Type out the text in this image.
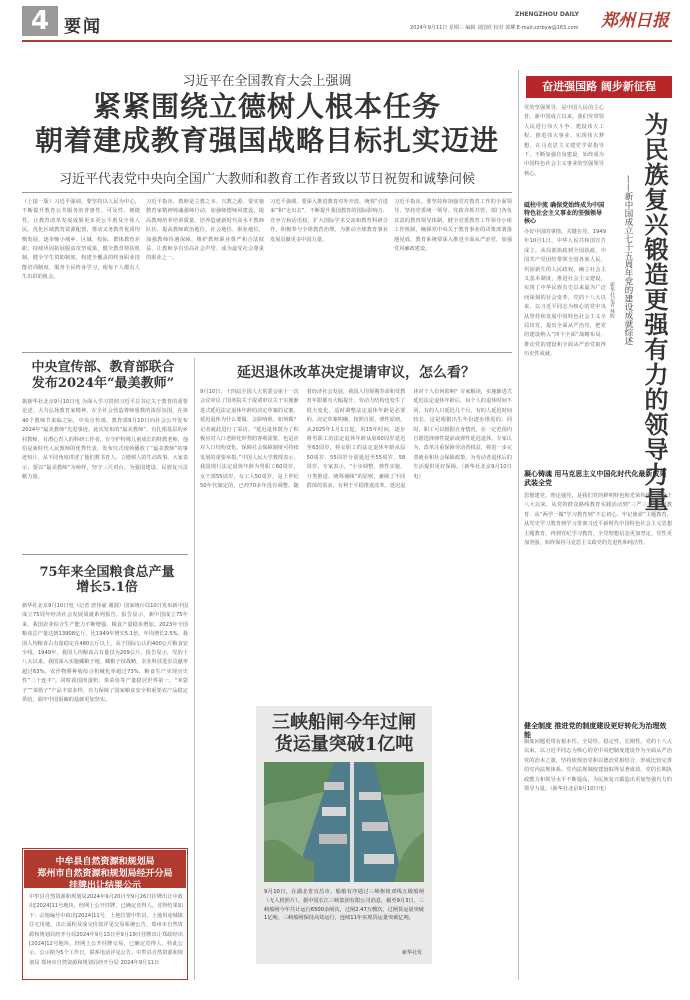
4 要闻
ZHENGZHOU DAILY
2024年9月11日 星期三 编辑 刘国欣 校对 郭柳 E-mail:zzrbyw@163.com 郑州日报
习近平在全国教育大会上强调
紧紧围绕立德树人根本任务
朝着建成教育强国战略目标扎实迈进
习近平代表党中央向全国广大教师和教育工作者致以节日祝贺和诚挚问候
（上接一版）习近平强调，要坚持以人民为中心，不断提升教育公共服务的普惠性、可及性、便捷性，让教育改革发展成果更多更公平惠及全体人民。优化区域教育资源配置，推动义务教育优质均衡发展，逐步缩小城乡、区域、校际、群体教育差距。持续巩固拓展脱贫攻坚成果，健全教育帮扶机制。健全学生资助制度，构建全覆盖的终身职业技能培训制度，服务全民终身学习，使每个人都有人生出彩的机会。
习近平指出，教师是立教之本、兴教之源。要实施教育家精神铸魂强师行动，加强师德师风建设，提高教师培养培训质量，培养造就新时代高水平教师队伍。提高教师政治地位、社会地位、职业地位，加强教师待遇保障，维护教师职业尊严和合法权益，让教师享有崇高社会声望、成为最受社会尊重的职业之一。
习近平强调，要深入推进教育对外开放，统筹“引进来”和“走出去”，不断提升我国教育的国际影响力、竞争力和话语权，扩大国际学术交流和教育科研合作，积极参与全球教育治理，为推动全球教育事业发展贡献更多中国力量。
习近平指出，要坚持和加强党对教育工作的全面领导，坚持党委统一领导、党政齐抓共管、部门各负其责的教育领导体制，健全党委教育工作领导小组工作机制，确保党中央关于教育事业的决策部署落地见效。教育系统要深入推进全面从严治党，加强党风廉政建设。
中央宣传部、教育部联合
发布2024年“最美教师”
据新华社北京9月10日电 为深入学习贯彻习近平总书记关于教育的重要论述，大力弘扬教育家精神，在全社会营造尊师重教的浓厚氛围，在第40个教师节来临之际，中央宣传部、教育部9月10日向社会公开发布2024年“最美教师”先进事迹。此次发布的“最美教师”，有扎根基层的乡村教师，有潜心育人的科研工作者，有守护特殊儿童成长的特教老师，他们是新时代人民教师的优秀代表。发布仪式现场播放了“最美教师”的事迹短片，从不同角度讲述了他们教书育人、立德树人的生动故事。大家表示，要以“最美教师”为榜样，坚守三尺讲台，为强国建设、民族复兴贡献力量。
75年来全国粮食总产量
增长5.1倍
新华社北京9月10日电（记者 唐伟豪 谢圆）国家统计局10日发布新中国成立75周年经济社会发展成就系列报告。报告显示，新中国成立75年来，我国农业综合生产能力不断增强，粮食产量稳步增加。2023年全国粮食总产量达到13908亿斤，比1949年增长5.1倍，年均增长2.5%。我国人均粮食占有量稳定在480公斤以上，高于国际公认的400公斤粮食安全线。1949年，我国人均粮食占有量仅为209公斤。报告显示，党的十八大以来，我国深入实施藏粮于地、藏粮于技战略，农业科技进步贡献率超过63%，农作物耕种收综合机械化率超过73%，粮食生产实现历史性“二十连丰”。同时我国肉蛋奶、果菜鱼等产量稳居世界第一，“米袋子”“菜篮子”产品丰富多样，有力保障了国家粮食安全和重要农产品稳定供给，端牢中国饭碗的基础更加坚实。
中牟县自然资源和规划局
郑州市自然资源和规划局经开分局
挂牌出让结果公示
中牟县自然资源和规划局2024年9月20日至9月26日挂牌出让中政出[2024]11号地块，经网上公开挂牌，已确定竞得人。竞得结果如下：宗地编号中政出[2024]11号，土地位置中牟县，土地用途城镇住宅用地，出让面积及成交价款详见交易系统公告。郑州市自然资源和规划局经开分局2024年9月13日至9月19日挂牌出让郑政经出[2024]12号地块，经网上公开挂牌交易，已确定竞得人。特此公示。公示期为5个工作日，联系电话详见公告。中牟县自然资源和规划局 郑州市自然资源和规划局经开分局 2024年9月11日
延迟退休改革决定提请审议，怎么看？
9月10日，十四届全国人大常委会第十一次会议审议了国务院关于提请审议关于实施渐进式延迟法定退休年龄的决定草案的议案。延迟退休为什么要做、会影响谁、如何做？记者就此进行了采访。“延迟退休既为了积极应对人口老龄化形势的客观需要，也是应对人口结构变化、保障社会保障制度可持续发展的重要举措。”中国人民大学教授表示。我国现行法定退休年龄为男职工60周岁，女干部55周岁，女工人50周岁，是上世纪50年代制定的，已经70多年没有调整。随着经济社会发展，我国人均预期寿命和受教育年限都有大幅提升，劳动力结构也发生了很大变化，适时调整法定退休年龄是必要的。决定草案明确，按照自愿、弹性原则，从2025年1月1日起，用15年时间，逐步将男职工的法定退休年龄从原60周岁延迟至63周岁，将女职工的法定退休年龄从原50周岁、55周岁分别延迟至55周岁、58周岁。专家表示，“小步调整、弹性实施、分类推进、统筹兼顾”的原则，兼顾了不同群体的需求，有利于平稳推进改革。延迟退休对个人有何影响？专家解读，实施渐进式延迟法定退休年龄后，每个人的退休时间不同，有的人只延迟几个月，有的人延迟时间较长，这是根据出生年份逐步推进的。同时，职工可以根据自身情况，在一定范围内自愿选择弹性提前或弹性延迟退休。专家认为，改革注重保障劳动者权益，将进一步完善就业和社会保障政策，为劳动者退休后的生活提供更好保障。（新华社北京9月10日电）
三峡船闸今年过闸
货运量突破1亿吨
9月10日，在湖北省宜昌市，船舶有序通过三峡枢纽双线五级船闸（无人机照片）。据中国长江三峡集团有限公司消息，截至9月3日，三峡船闸今年共计运行6500余闸次，过闸2.47万艘次，过闸货运量突破1亿吨。三峡船闸保持高效运行，连续11年实现货运量突破亿吨。
新华社发
奋进强国路 阔步新征程
为民族复兴锻造更强有力的领导力量
——新中国成立七十五周年党的建设成就综述
新华社记者 林晖
党的坚强领导，是中国人民的主心骨。新中国成立以来，我们党带领人民进行伟大斗争、建设伟大工程、推进伟大事业、实现伟大梦想，在马克思主义建党学说指导下，不断加强自身建设，始终成为中国特色社会主义事业的坚强领导核心。
砥柱中流 确保党始终成为中国特色社会主义事业的坚强领导核心
办好中国的事情，关键在党。1949年10月1日，中华人民共和国宣告成立。从局部执政到全国执政，中国共产党团结带领全国各族人民，巩固新生的人民政权，确立社会主义基本制度，推进社会主义建设，实现了中华民族有史以来最为广泛而深刻的社会变革。党的十八大以来，以习近平同志为核心的党中央从坚持和发展中国特色社会主义全局出发，提出全面从严治党，把党的建设纳入“四个全面”战略布局，推动党的建设和全面从严治党取得历史性成就。
凝心铸魂 用马克思主义中国化时代化最新成果武装全党
思想建党、理论强党，是我们党的鲜明特色和光荣传统。党的十八大以来，从党的群众路线教育实践活动到“三严三实”专题教育，从“两学一做”学习教育到“不忘初心、牢记使命”主题教育，从党史学习教育到学习贯彻习近平新时代中国特色社会主义思想主题教育，再到党纪学习教育，全党理想信念更加坚定、党性更加坚强，始终保持马克思主义政党的先进性和纯洁性。
健全制度 推进党的制度建设更好转化为治理效能
制度问题更带有根本性、全局性、稳定性、长期性。党的十八大以来，以习近平同志为核心的党中央把制度建设作为全面从严治党的治本之策，坚持依规治党和以德治党相结合，形成比较完善的党内法规体系。党内法规制度建设取得显著成效，党的长期执政能力和领导水平不断提高，为民族复兴锻造出更加坚强有力的领导力量。（新华社北京9月10日电）
